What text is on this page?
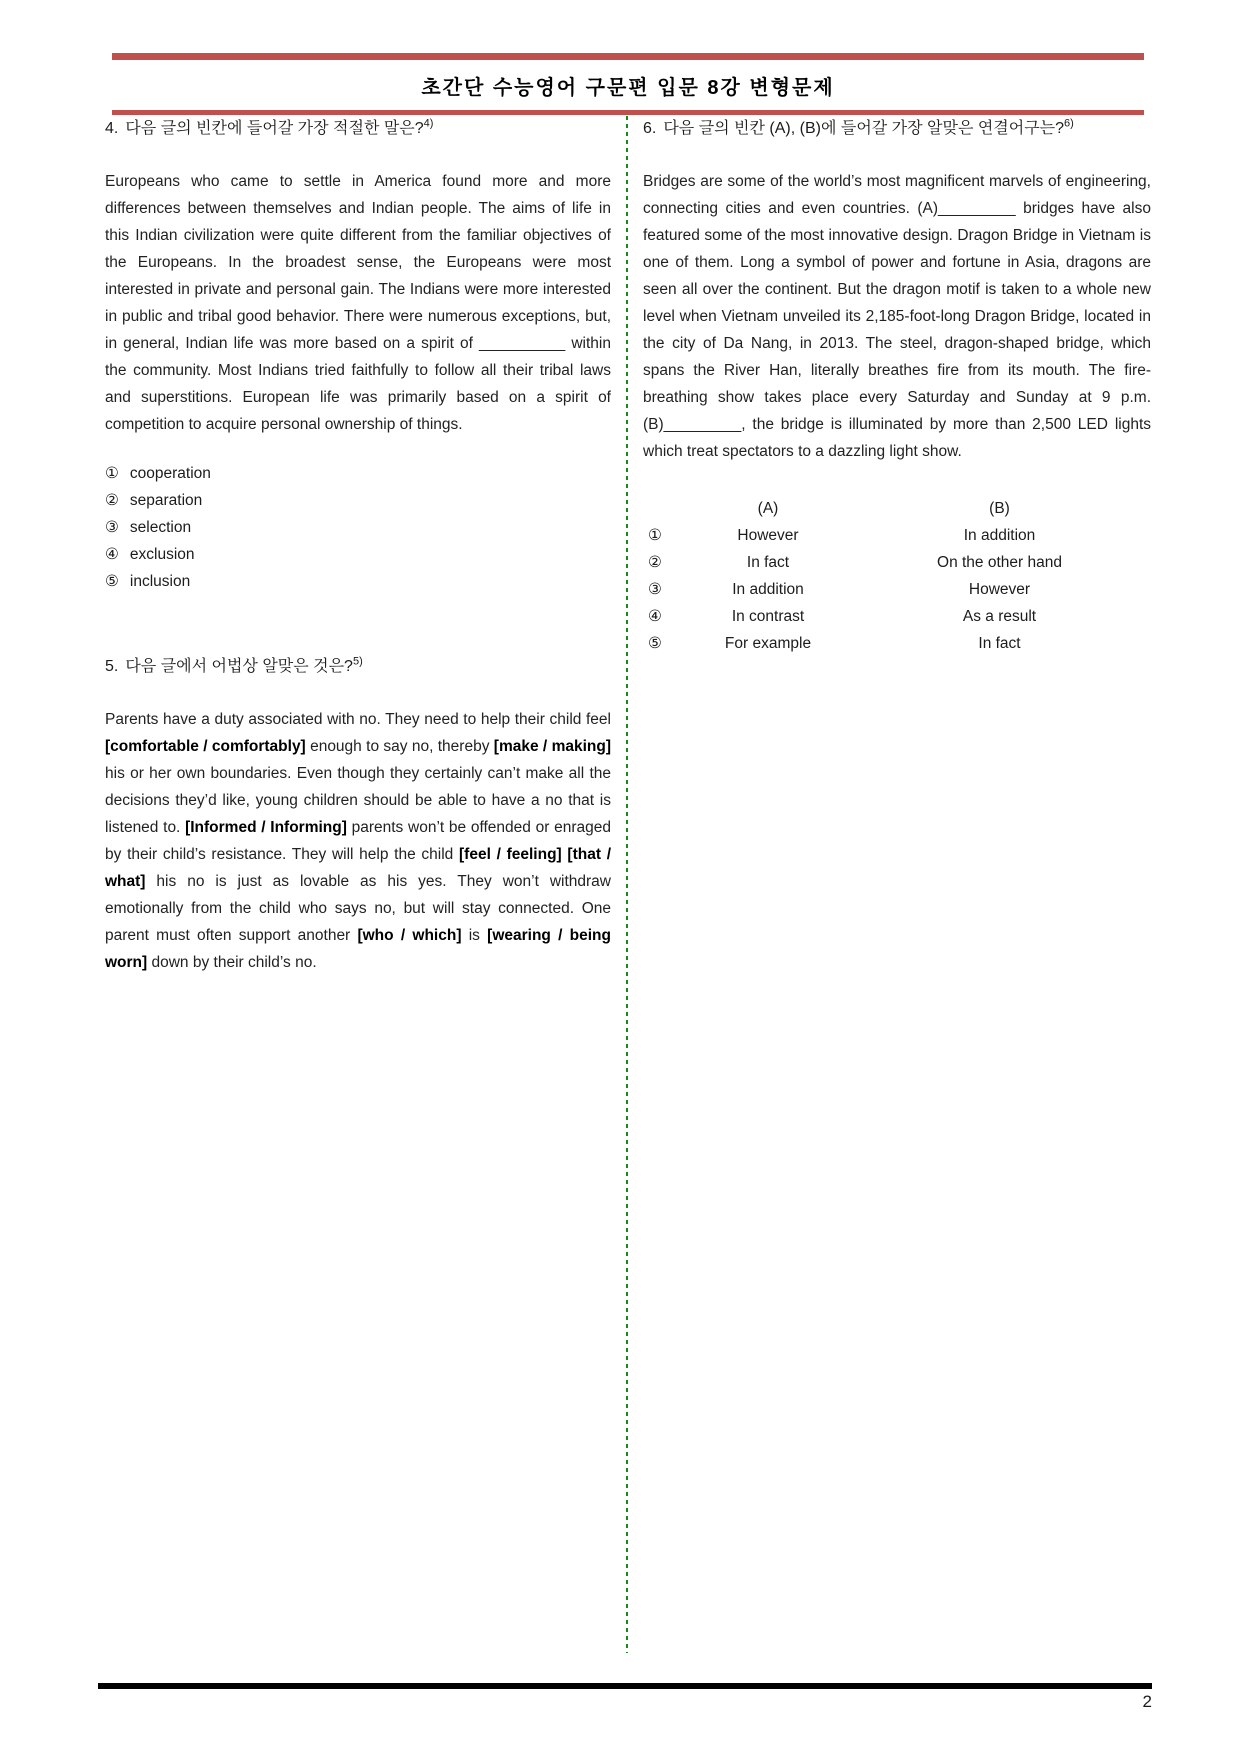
초간단 수능영어 구문편 입문 8강 변형문제

4. 다음 글의 빈칸에 들어갈 가장 적절한 말은?$^{4)}$

Europeans who came to settle in America found more and more differences between themselves and Indian people. The aims of life in this Indian civilization were quite different from the familiar objectives of the Europeans. In the broadest sense, the Europeans were most interested in private and personal gain. The Indians were more interested in public and tribal good behavior. There were numerous exceptions, but, in general, Indian life was more based on a spirit of __________ within the community. Most Indians tried faithfully to follow all their tribal laws and superstitions. European life was primarily based on a spirit of competition to acquire personal ownership of things.

① cooperation
② separation
③ selection
④ exclusion
⑤ inclusion

5. 다음 글에서 어법상 알맞은 것은?$^{5)}$

Parents have a duty associated with no. They need to help their child feel [comfortable / comfortably] enough to say no, thereby [make / making] his or her own boundaries. Even though they certainly can’t make all the decisions they’d like, young children should be able to have a no that is listened to. [Informed / Informing] parents won’t be offended or enraged by their child’s resistance. They will help the child [feel / feeling] [that / what] his no is just as lovable as his yes. They won’t withdraw emotionally from the child who says no, but will stay connected. One parent must often support another [who / which] is [wearing / being worn] down by their child’s no.

6. 다음 글의 빈칸 (A), (B)에 들어갈 가장 알맞은 연결어구는?$^{6)}$

Bridges are some of the world’s most magnificent marvels of engineering, connecting cities and even countries. (A)_________ bridges have also featured some of the most innovative design. Dragon Bridge in Vietnam is one of them. Long a symbol of power and fortune in Asia, dragons are seen all over the continent. But the dragon motif is taken to a whole new level when Vietnam unveiled its 2,185-foot-long Dragon Bridge, located in the city of Da Nang, in 2013. The steel, dragon-shaped bridge, which spans the River Han, literally breathes fire from its mouth. The fire-breathing show takes place every Saturday and Sunday at 9 p.m. (B)_________, the bridge is illuminated by more than 2,500 LED lights which treat spectators to a dazzling light show.

(A)	(B)
①	However	In addition
②	In fact	On the other hand
③	In addition	However
④	In contrast	As a result
⑤	For example	In fact
2
